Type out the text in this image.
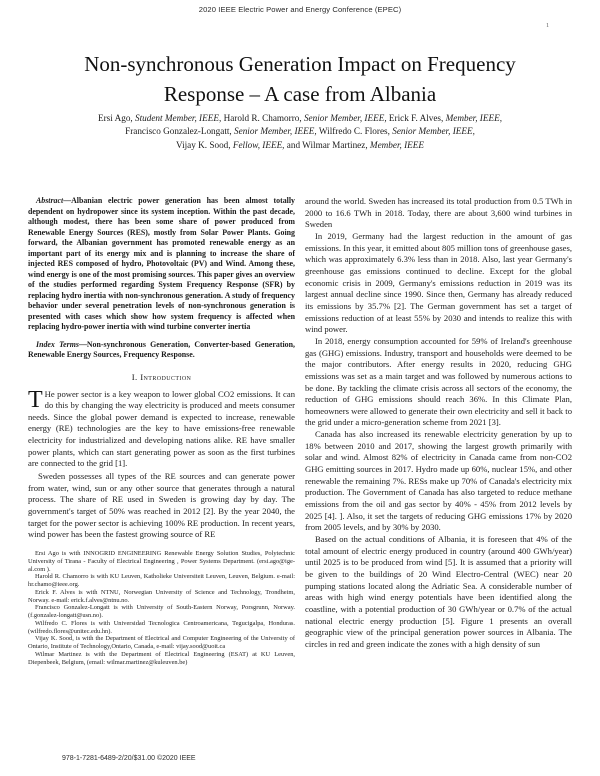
2020 IEEE Electric Power and Energy Conference (EPEC)
1
Non-synchronous Generation Impact on Frequency
Response – A case from Albania
Ersi Ago, Student Member, IEEE, Harold R. Chamorro, Senior Member, IEEE, Erick F. Alves, Member, IEEE,
Francisco Gonzalez-Longatt, Senior Member, IEEE, Wilfredo C. Flores, Senior Member, IEEE,
Vijay K. Sood, Fellow, IEEE, and Wilmar Martinez, Member, IEEE

Abstract—Albanian electric power generation has been almost totally dependent on hydropower since its system inception. Within the past decade, although modest, there has been some share of power produced from Renewable Energy Sources (RES), mostly from Solar Power Plants. Going forward, the Albanian government has promoted renewable energy as an important part of its energy mix and is planning to increase the share of injected RES composed of hydro, Photovoltaic (PV) and Wind. Among these, wind energy is one of the most promising sources. This paper gives an overview of the studies performed regarding System Frequency Response (SFR) by replacing hydro inertia with non-synchronous generation. A study of frequency behavior under several penetration levels of non-synchronous generation is presented with cases which show how system frequency is affected when replacing hydro-power inertia with wind turbine converter inertia

Index Terms—Non-synchronous Generation, Converter-based Generation, Renewable Energy Sources, Frequency Response.

I. Introduction

T He power sector is a key weapon to lower global CO2 emissions. It can do this by changing the way electricity is produced and meets consumer needs. Since the global power demand is expected to increase, renewable energy (RE) technologies are the key to have emissions-free renewable electricity for industrialized and developing nations alike. RE have smaller power plants, which can start generating power as soon as the first turbines are connected to the grid [1].

Sweden possesses all types of the RE sources and can generate power from water, wind, sun or any other source that generates through a natural process. The share of RE used in Sweden is growing day by day. The government's target of 50% was reached in 2012 [2]. By the year 2040, the target for the power sector is achieving 100% RE production. In recent years, wind power has been the fastest growing source of RE

Ersi Ago is with INNOGRID ENGINEERING Renewable Energy Solution Studies, Polytechnic University of Tirana - Faculty of Electrical Engineering , Power Systems Department. (ersi.ago@ige-al.com ).

Harold R. Chamorro is with KU Leuven, Katholieke Universiteit Leuven, Leuven, Belgium. e-mail: hr.chamo@ieee.org.

Erick F. Alves is with NTNU, Norwegian University of Science and Technology, Trondheim, Norway. e-mail: erick.f.alves@ntnu.no.

Francisco Gonzalez-Longatt is with University of South-Eastern Norway, Porsgrunn, Norway. (f.gonzalez-longatt@usn.no).

Wilfredo C. Flores is with Universidad Tecnologica Centroamericana, Tegucigalpa, Honduras. (wilfredo.flores@unitec.edu.hn).

Vijay K. Sood, is with the Department of Electrical and Computer Engineering of the University of Ontario, Institute of Technology,Ontario, Canada, e-mail: vijay.sood@uoit.ca

Wilmar Martinez is with the Department of Electrical Engineering (ESAT) at KU Leuven, Diepenbeek, Belgium, (email: wilmar.martinez@kuleuven.be)

around the world. Sweden has increased its total production from 0.5 TWh in 2000 to 16.6 TWh in 2018. Today, there are about 3,600 wind turbines in Sweden

In 2019, Germany had the largest reduction in the amount of gas emissions. In this year, it emitted about 805 million tons of greenhouse gases, which was approximately 6.3% less than in 2018. Also, last year Germany's greenhouse gas emissions continued to decline. Except for the global economic crisis in 2009, Germany's emissions reduction in 2019 was its largest annual decline since 1990. Since then, Germany has already reduced its emissions by 35.7% [2]. The German government has set a target of emissions reduction of at least 55% by 2030 and intends to realize this with wind power.

In 2018, energy consumption accounted for 59% of Ireland's greenhouse gas (GHG) emissions. Industry, transport and households were deemed to be the major contributors. After energy results in 2020, reducing GHG emissions was set as a main target and was followed by numerous actions to be done. By tackling the climate crisis across all sectors of the economy, the reduction of GHG emissions should reach 36%. In this Climate Plan, homeowners were allowed to generate their own electricity and sell it back to the grid under a micro-generation scheme from 2021 [3].

Canada has also increased its renewable electricity generation by up to 18% between 2010 and 2017, showing the largest growth primarily with solar and wind. Almost 82% of electricity in Canada came from non-CO2 GHG emitting sources in 2017. Hydro made up 60%, nuclear 15%, and other renewable the remaining 7%. RESs make up 70% of Canada's electricity mix production. The Government of Canada has also targeted to reduce methane emissions from the oil and gas sector by 40% - 45% from 2012 levels by 2025 [4]. ]. Also, it set the targets of reducing GHG emissions 17% by 2020 from 2005 levels, and by 30% by 2030.

Based on the actual conditions of Albania, it is foreseen that 4% of the total amount of electric energy produced in country (around 400 GWh/year) until 2025 is to be produced from wind [5]. It is assumed that a priority will be given to the buildings of 20 Wind Electro-Central (WEC) near 20 pumping stations located along the Adriatic Sea. A considerable number of areas with high wind energy potentials have been identified along the coastline, with a potential production of 30 GWh/year or 0.7% of the actual national electric energy production [5]. Figure 1 presents an overall geographic view of the principal generation power sources in Albania. The circles in red and green indicate the zones with a high density of sun

978-1-7281-6489-2/20/$31.00 ©2020 IEEE
